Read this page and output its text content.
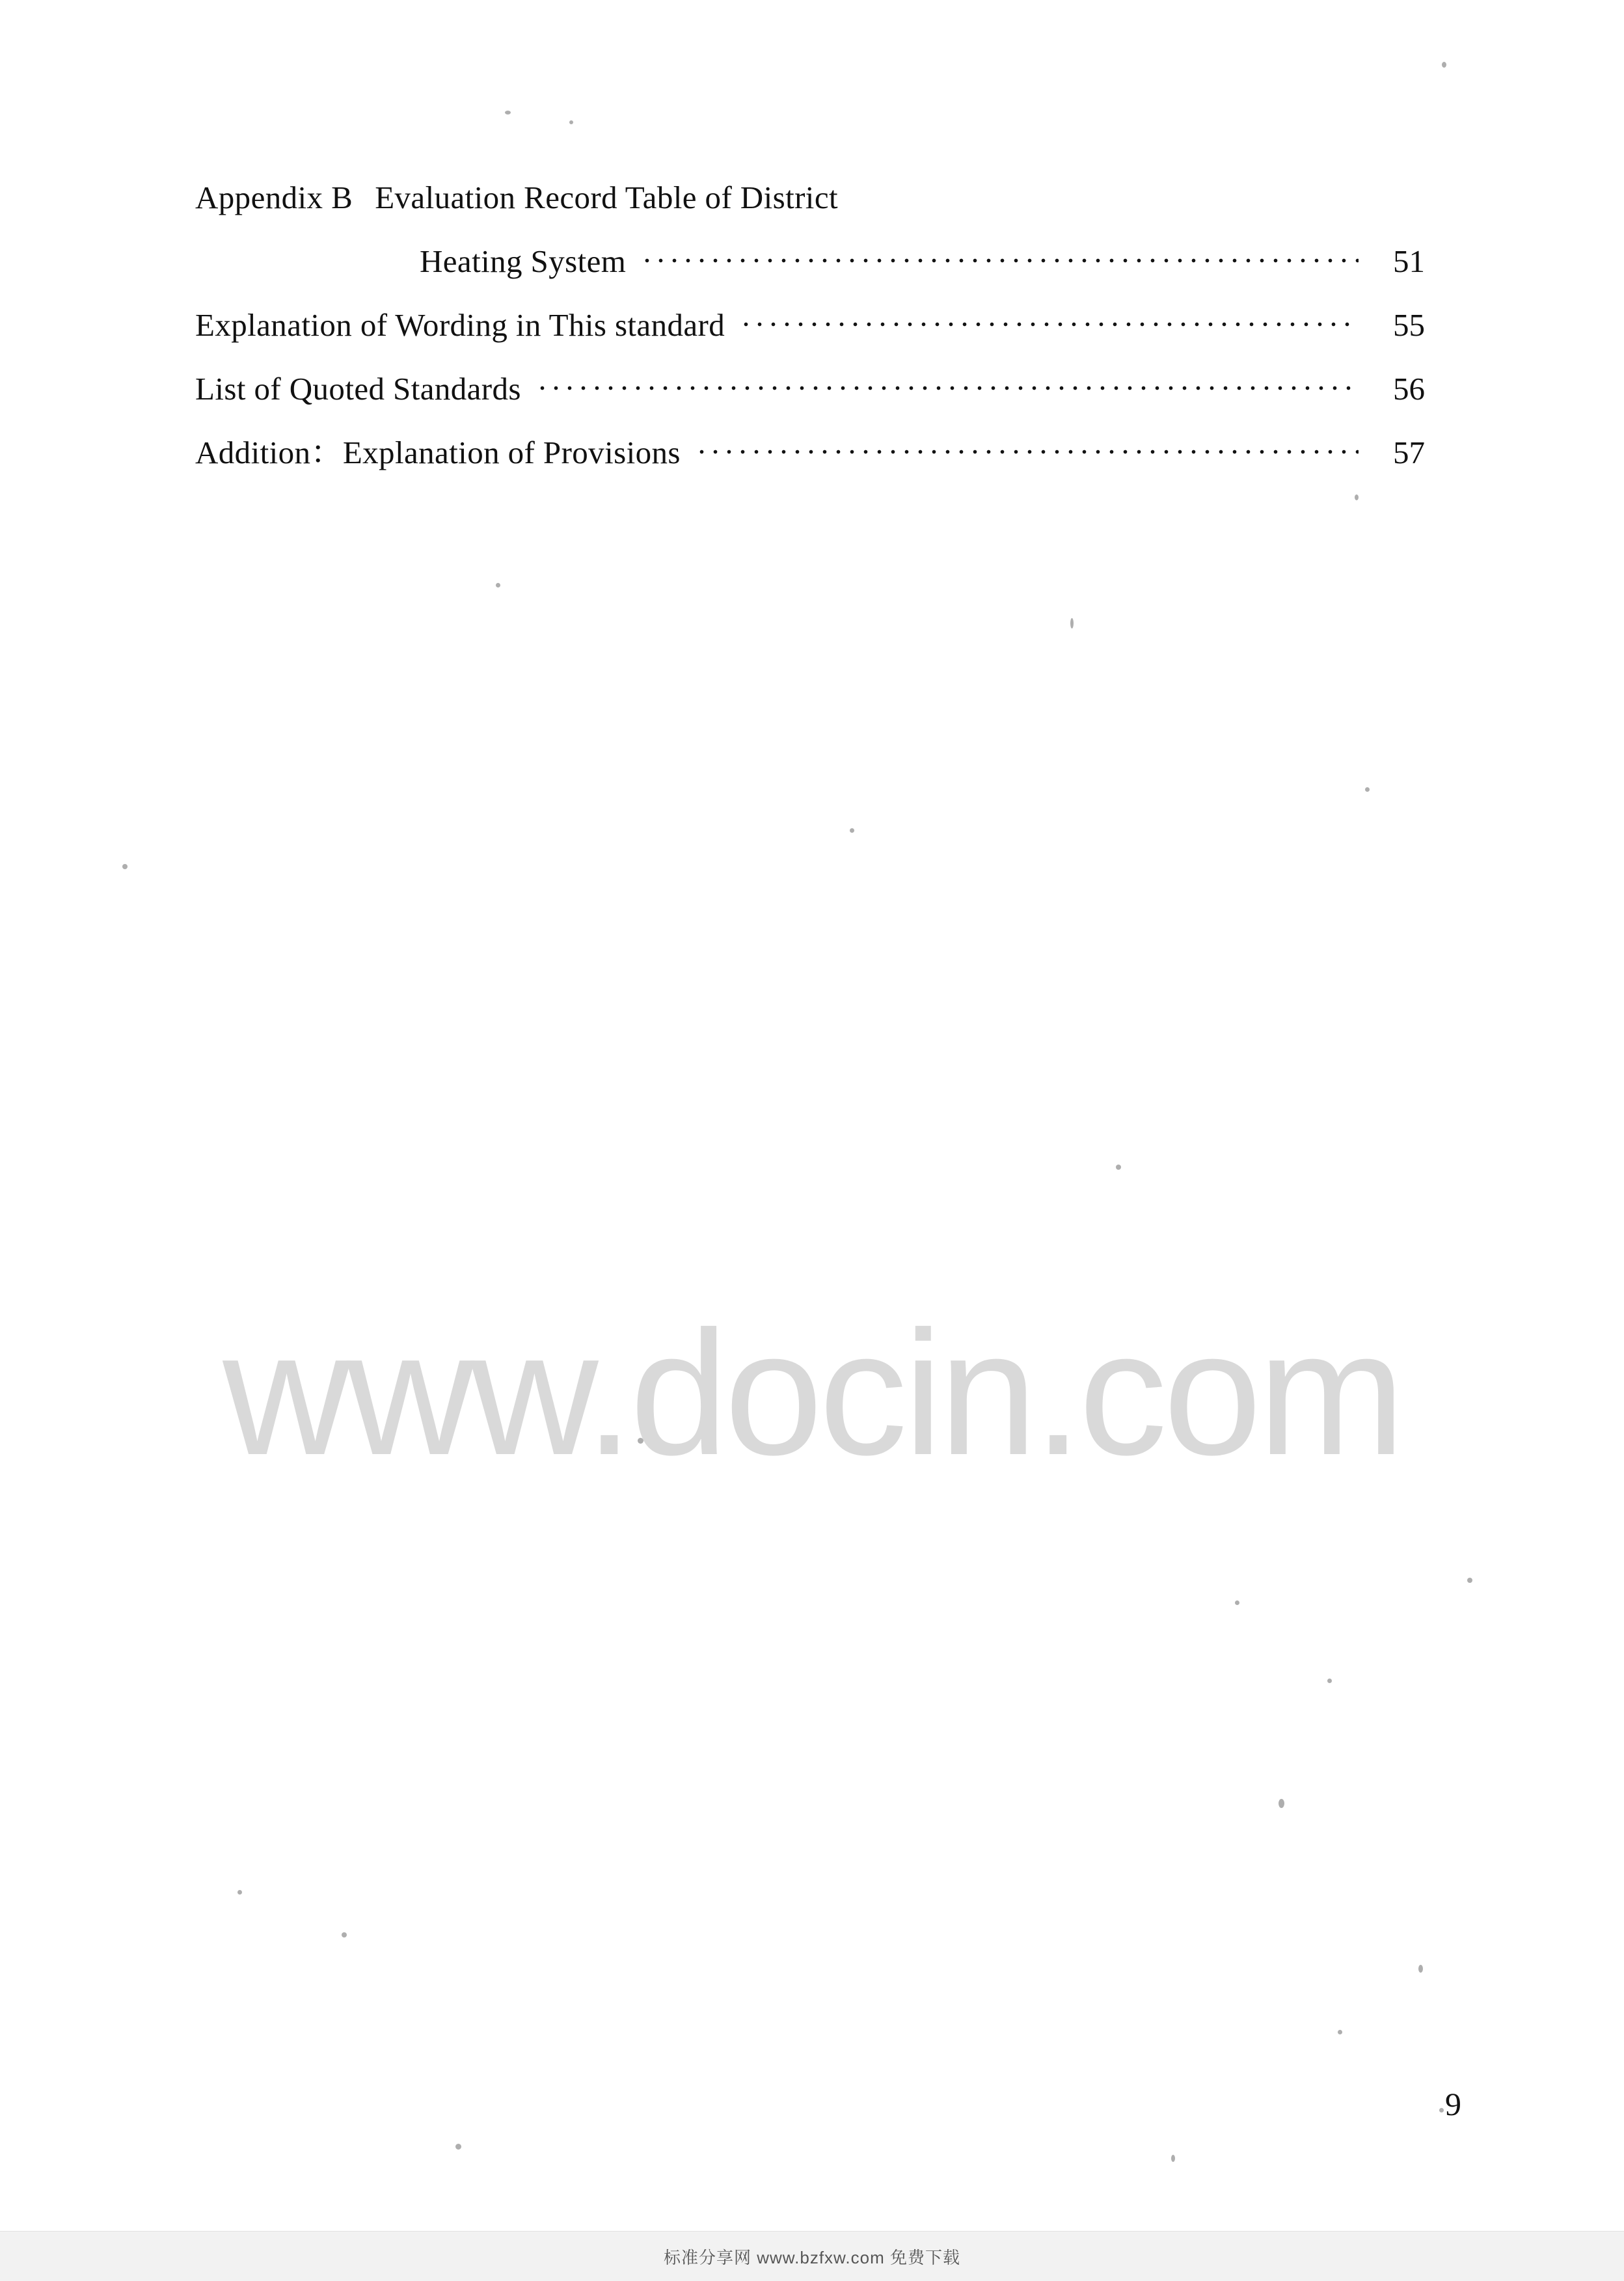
Appendix B Evaluation Record Table of District
Heating System	51
Explanation of Wording in This standard	55
List of Quoted Standards	56
Addition：Explanation of Provisions	57
www.docin.com
9
标准分享网 www.bzfxw.com 免费下载
